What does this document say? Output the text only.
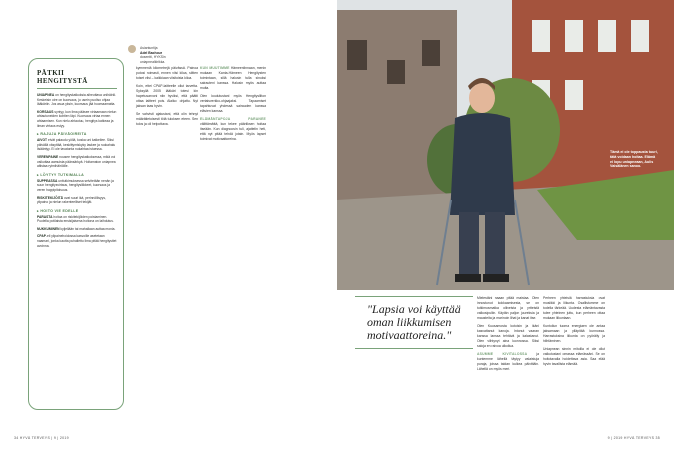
PÄTKII HENGITYSTÄ

UNIAPNEA on hengityskatkoksia aiheuttava unihäiriö. Keskeisin oire on kuorsaus, jo usein puoliso ohjaa lääkäriin. Jos asua yksin, kuorsaus jää huomaamatta.

KORSAUS syntyy, kun ilma pääsee virtaamaan nielun ahtautuneiden kohtien läpi. Kuorsaus virtaa ennen ahtaamisen. Kun nielu ahtautuu, hengitys katkeaa ja ilman virtaus estyy.

▸ RAJUJA PÄIVÄOIREITA

AIVOT eivät palaudu yöllä, koska uni katkeilee. Siksi päivällä väsyttää, keskittymiskyky laskee ja ruokahalu lisääntyy. Ei ole tavatonta nukahtaa istuessa.

VERENPAINE nousee hengityskatkoksessa, mikä voi vaikuttaa aamuista päänsärkyä. Hoitamaton uniapnea altistaa rytmihäiriöille.

▸ LÖYTYY TUTKIMALLA

SUPPEASSA unitutkimuksessa selvitetään nenän ja suun hengitysvirtaus, hengitysliikkeet, kuorsaus ja veren happipitoisuus.

RISKITEKIJÖITÄ ovat suuri ikä, perinnöllisyys, ylipaino ja nielun rakenteelliset tekijät.

▸ HOITO VIE EDELLE

PARASTA hoitoa on riskitekijöiden poistaminen. Puolella potilaista ensisijaisena hoitona on laihdutus.

NUKKUMINEN kyljellään tai mahallaan auttaa monia.

CPAP-eli ylipainehoidossa kasvoille asetetaan naamari, jonka kautta puhallettu ilma pitää hengitystiet avoinna.

Asiantuntija
Adel Bachour
dosentti, HYKSin
uniapnealkirikka.

kymmeniä kilometrejä päivässä. Painoa putosi roimasti, ennen viisi kiloa, siitten toiset viisi – kaikkiaan viisitoista kiloa.

Koin, ettei CPAP-laitteelle ollut tarvetta. Syksyllä 2005 lääkäri totesi kin hapetusarvoni niin hyviksi, että päätti ottaa laitteet pois. Alaiko: ohjattu. Nyt jaksan taas hyvin.

Se vahvisti ajatustani, että olin tehnyt määrätietoisesti tötä tuloksen eteen. Sen tulos ja oli helpottava.

KUN MUUTIMME Hämeenlinnaan, menin mukaan Kanta-Hämeen Hengitysten toimintaan, sillä halusin tulla sinuksi sairauteni kanssa. Halusin myös auttaa muita.

Olen koulutustani myös Hengityslliton vertaisverkko-ohjaajaksi. Tapaamiset tapahtuvat yhdessä sairauden kanssa elävien kanssa.

ELÄMÄNTAPOJA PARANEE välittämättä, kun tekee pääriiksen hoitaa itseään. Kun diagnoosin tuli, ajattelin heti, että nyt pitää tehdä jotain. Myös lapset toimivat motivaattoreina.

34 HYVÄ TERVEYS | 9 | 2019
Tämä ei ole toppausta tuuri, tätä voidaan hoitaa. Elämä ei lopu uniapneaan, Aulis Vaisälänen sanoo.
"Lapsia voi käyttää oman liikkumisen motivaattoreina."

Mielestäni naaan pitää maistaa. Olen innostunut kokkaamisesta, se on tutkimusmatka oliiveista ja yrtteistä valkosipuliin. Käytän paljon juureksia ja mausteita ja marinoin lihat ja kanat itse.

Olen Kuusamosta kotoisin ja ikäni kasvattanut kanoja. Intonut vaaran kanssa lanssa tehtävä ja kalastanut. Olen viihtynyt aina luonnossa. Siksi saloja en raivoa ulkoilua.

ASUMME KIVITALOSSA	ja kuntemme lähellä täytyy valaistuja puraja, joissa taidan kulkea päivittäin. Lähellä on myös meri.

Perheen yhteisiä harrastuksia ovat musiikki ja liikunta. Osallistumme on todella tärkeää. Uudesta elämäntavasta tulee yhteinen juttu, kun perheen ottaa mukaan liikuntaan.

Kuntoilun tuoma energiaen ole antaa jaksamaan ja ylläpitää kunnossa. Harrastuksina liikunta on pyöräily ja hiihtäminen.

Uniapnean sinnin mitoilla ei ole ollut vaikutustani omassa elämässäni. Se on hoitotavalla hoidettava asia. Saa elää hyvin tavallista elämää.

9 | 2019 HYVÄ TERVEYS 35
